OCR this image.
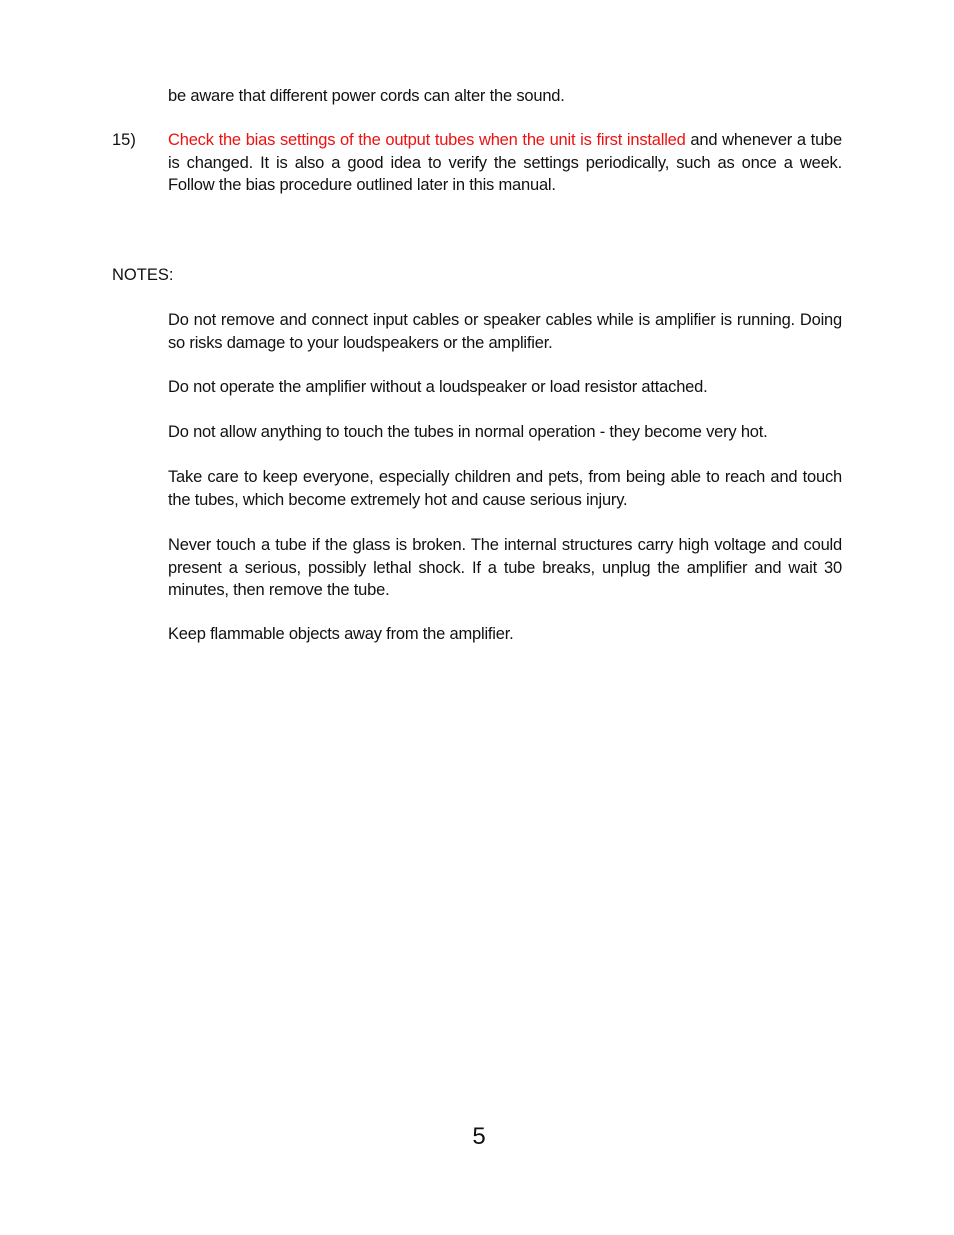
be aware that different power cords can alter the sound.

15) Check the bias settings of the output tubes when the unit is first installed and whenever a tube is changed. It is also a good idea to verify the settings periodically, such as once a week. Follow the bias procedure outlined later in this manual.

NOTES:

Do not remove and connect input cables or speaker cables while is amplifier is running. Doing so risks damage to your loudspeakers or the amplifier.

Do not operate the amplifier without a loudspeaker or load resistor attached.

Do not allow anything to touch the tubes in normal operation - they become very hot.

Take care to keep everyone, especially children and pets, from being able to reach and touch the tubes, which become extremely hot and cause serious injury.

Never touch a tube if the glass is broken. The internal structures carry high voltage and could present a serious, possibly lethal shock. If a tube breaks, unplug the amplifier and wait 30 minutes, then remove the tube.

Keep flammable objects away from the amplifier.

5
